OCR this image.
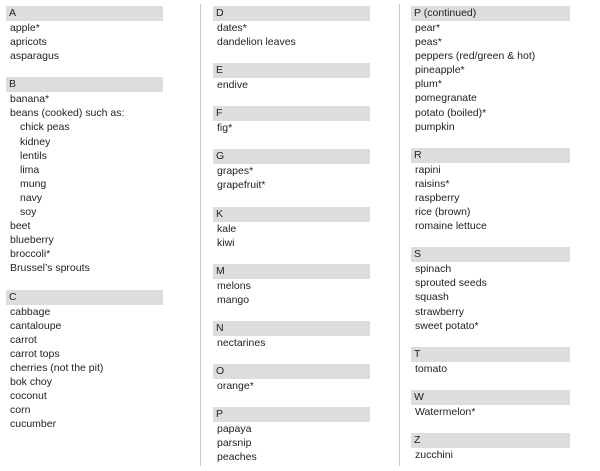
A
apple*
apricots
asparagus
B
banana*
beans (cooked) such as:
chick peas
kidney
lentils
lima
mung
navy
soy
beet
blueberry
broccoli*
Brussel’s sprouts
C
cabbage
cantaloupe
carrot
carrot tops
cherries (not the pit)
bok choy
coconut
corn
cucumber
D
dates*
dandelion leaves
E
endive
F
fig*
G
grapes*
grapefruit*
K
kale
kiwi
M
melons
mango
N
nectarines
O
orange*
P
papaya
parsnip
peaches
P (continued)
pear*
peas*
peppers (red/green & hot)
pineapple*
plum*
pomegranate
potato (boiled)*
pumpkin
R
rapini
raisins*
raspberry
rice (brown)
romaine lettuce
S
spinach
sprouted seeds
squash
strawberry
sweet potato*
T
tomato
W
Watermelon*
Z
zucchini
